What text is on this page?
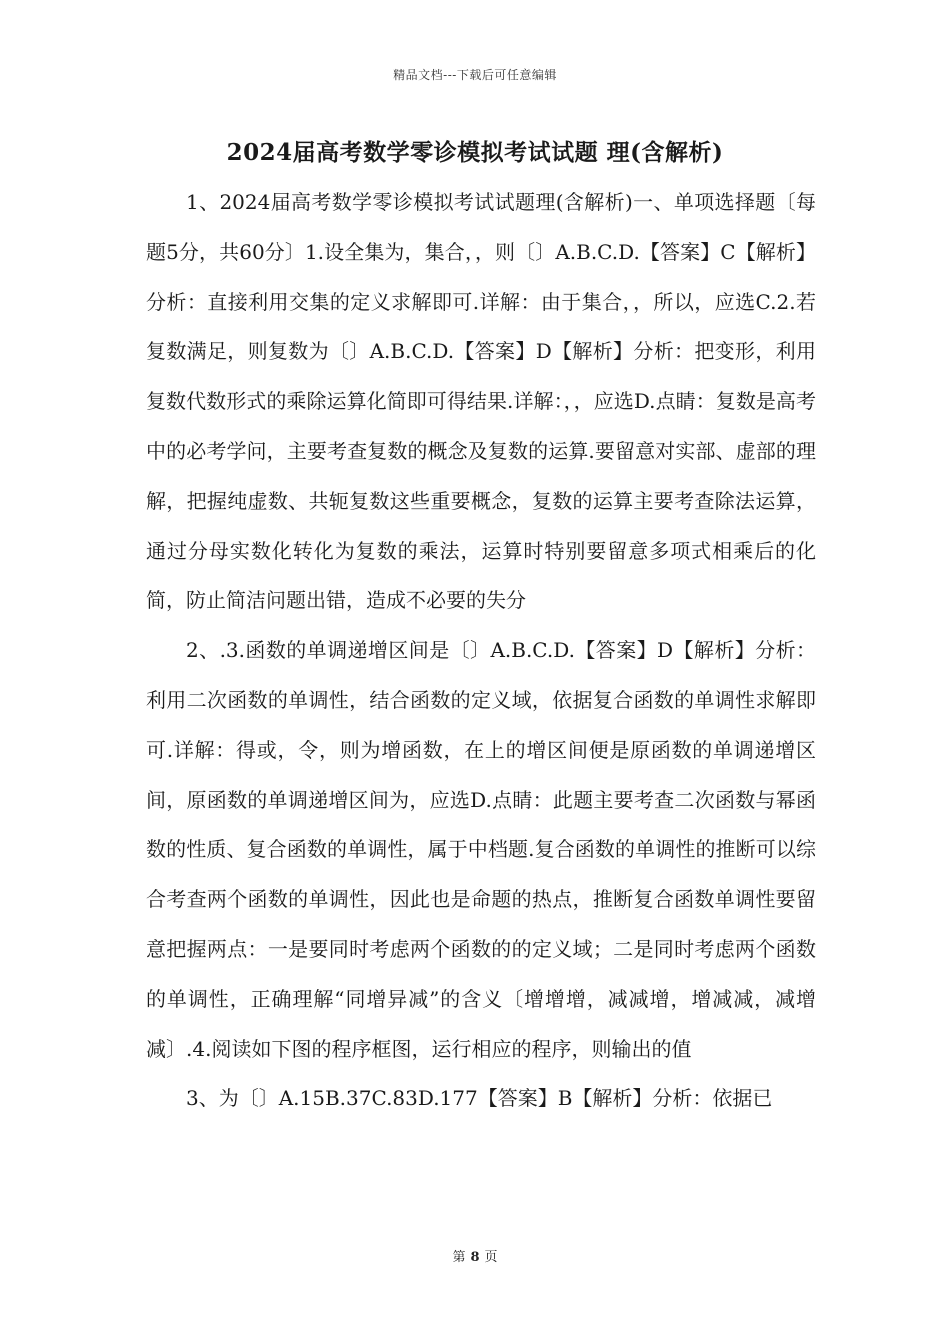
精品文档---下载后可任意编辑
2024届高考数学零诊模拟考试试题 理(含解析)

1、2024届高考数学零诊模拟考试试题理(含解析)一、单项选择题〔每题5分，共60分〕1.设全集为，集合，，则〔〕A.B.C.D.【答案】C【解析】分析：直接利用交集的定义求解即可.详解：由于集合，，所以，应选C.2.若复数满足，则复数为〔〕A.B.C.D.【答案】D【解析】分析：把变形，利用复数代数形式的乘除运算化简即可得结果.详解：，，应选D.点睛：复数是高考中的必考学问，主要考查复数的概念及复数的运算.要留意对实部、虚部的理解，把握纯虚数、共轭复数这些重要概念，复数的运算主要考查除法运算，通过分母实数化转化为复数的乘法，运算时特别要留意多项式相乘后的化简，防止简洁问题出错，造成不必要的失分

2、.3.函数的单调递增区间是〔〕A.B.C.D.【答案】D【解析】分析：利用二次函数的单调性，结合函数的定义域，依据复合函数的单调性求解即可.详解：得或，令，则为增函数，在上的增区间便是原函数的单调递增区间，原函数的单调递增区间为，应选D.点睛：此题主要考查二次函数与幂函数的性质、复合函数的单调性，属于中档题.复合函数的单调性的推断可以综合考查两个函数的单调性，因此也是命题的热点，推断复合函数单调性要留意把握两点：一是要同时考虑两个函数的的定义域；二是同时考虑两个函数的单调性，正确理解“同增异减”的含义〔增增增，减减增，增减减，减增减〕.4.阅读如下图的程序框图，运行相应的程序，则输出的值

3、为〔〕A.15B.37C.83D.177【答案】B【解析】分析：依据已

第 8 页
